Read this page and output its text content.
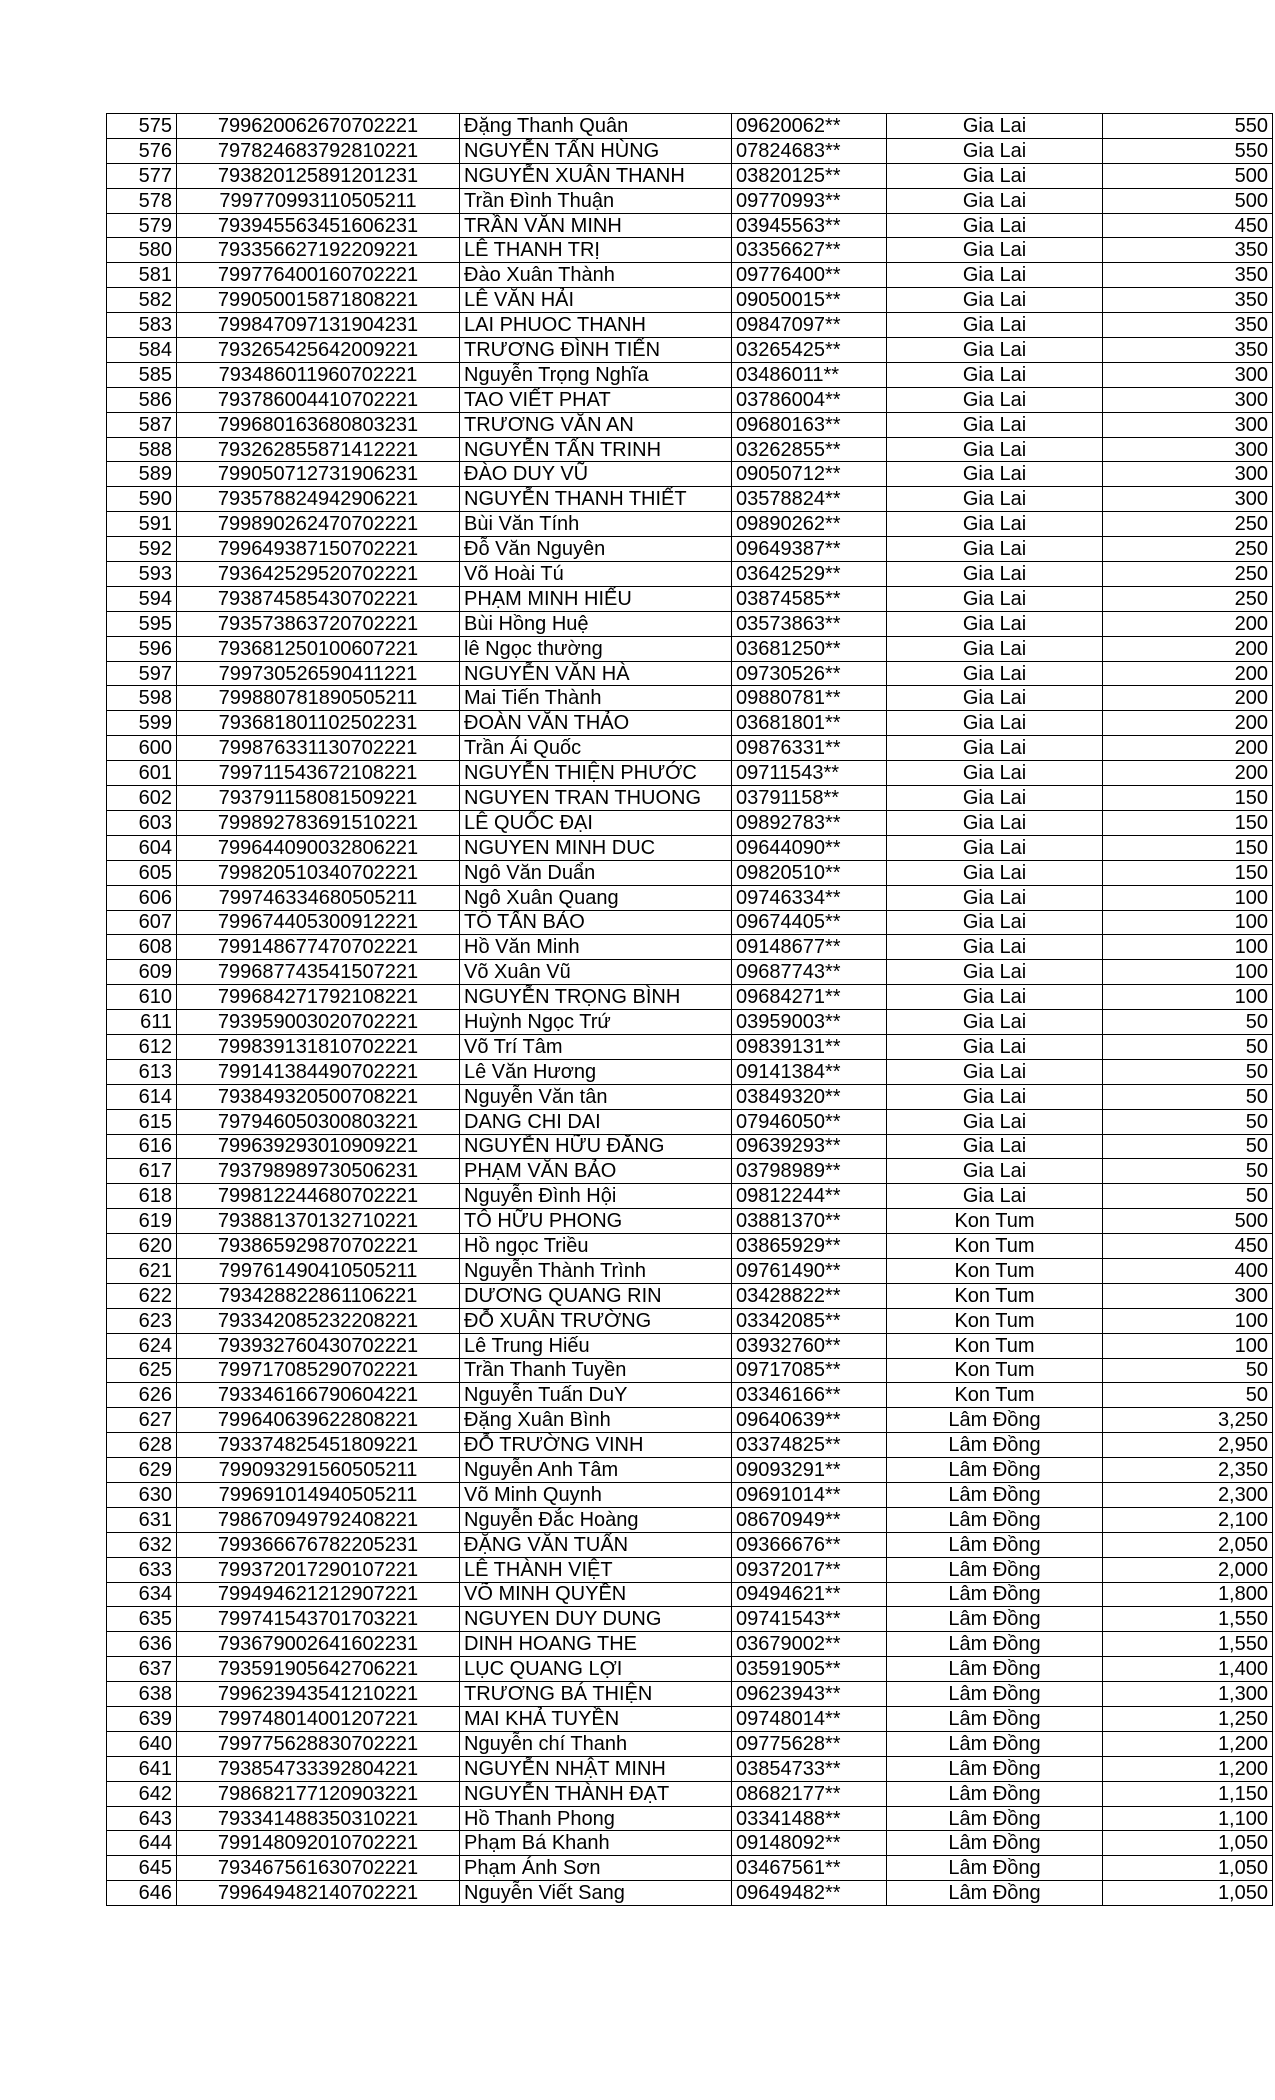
575	799620062670702221	Đặng Thanh Quân	09620062**	Gia Lai	550
576	797824683792810221	NGUYỄN TẤN HÙNG	07824683**	Gia Lai	550
577	793820125891201231	NGUYỄN XUÂN THANH	03820125**	Gia Lai	500
578	799770993110505211	Trần Đình Thuận	09770993**	Gia Lai	500
579	793945563451606231	TRẦN VĂN MINH	03945563**	Gia Lai	450
580	793356627192209221	LÊ THANH TRỊ	03356627**	Gia Lai	350
581	799776400160702221	Đào Xuân Thành	09776400**	Gia Lai	350
582	799050015871808221	LÊ VĂN HẢI	09050015**	Gia Lai	350
583	799847097131904231	LAI PHUOC THANH	09847097**	Gia Lai	350
584	793265425642009221	TRƯƠNG ĐÌNH TIẾN	03265425**	Gia Lai	350
585	793486011960702221	Nguyễn Trọng Nghĩa	03486011**	Gia Lai	300
586	793786004410702221	TAO VIẾT PHAT	03786004**	Gia Lai	300
587	799680163680803231	TRƯƠNG VĂN AN	09680163**	Gia Lai	300
588	793262855871412221	NGUYỄN TẤN TRINH	03262855**	Gia Lai	300
589	799050712731906231	ĐÀO DUY VŨ	09050712**	Gia Lai	300
590	793578824942906221	NGUYỄN THANH THIẾT	03578824**	Gia Lai	300
591	799890262470702221	Bùi Văn Tính	09890262**	Gia Lai	250
592	799649387150702221	Đỗ Văn Nguyên	09649387**	Gia Lai	250
593	793642529520702221	Võ Hoài Tú	03642529**	Gia Lai	250
594	793874585430702221	PHẠM MINH HIẾU	03874585**	Gia Lai	250
595	793573863720702221	Bùi Hồng Huệ	03573863**	Gia Lai	200
596	793681250100607221	lê Ngọc thường	03681250**	Gia Lai	200
597	799730526590411221	NGUYỄN VĂN HÀ	09730526**	Gia Lai	200
598	799880781890505211	Mai Tiến Thành	09880781**	Gia Lai	200
599	793681801102502231	ĐOÀN VĂN THẢO	03681801**	Gia Lai	200
600	799876331130702221	Trần Ái Quốc	09876331**	Gia Lai	200
601	799711543672108221	NGUYỄN THIỆN PHƯỚC	09711543**	Gia Lai	200
602	793791158081509221	NGUYEN TRAN THUONG	03791158**	Gia Lai	150
603	799892783691510221	LÊ QUỐC ĐẠI	09892783**	Gia Lai	150
604	799644090032806221	NGUYEN MINH DUC	09644090**	Gia Lai	150
605	799820510340702221	Ngô Văn Duẩn	09820510**	Gia Lai	150
606	799746334680505211	Ngô Xuân Quang	09746334**	Gia Lai	100
607	799674405300912221	TÔ TẤN BẢO	09674405**	Gia Lai	100
608	799148677470702221	Hồ Văn Minh	09148677**	Gia Lai	100
609	799687743541507221	Võ Xuân Vũ	09687743**	Gia Lai	100
610	799684271792108221	NGUYỄN TRỌNG BÌNH	09684271**	Gia Lai	100
611	793959003020702221	Huỳnh Ngọc Trứ	03959003**	Gia Lai	50
612	799839131810702221	Võ Trí Tâm	09839131**	Gia Lai	50
613	799141384490702221	Lê Văn Hương	09141384**	Gia Lai	50
614	793849320500708221	Nguyễn Văn tân	03849320**	Gia Lai	50
615	797946050300803221	DANG CHI DAI	07946050**	Gia Lai	50
616	799639293010909221	NGUYỄN HỮU ĐĂNG	09639293**	Gia Lai	50
617	793798989730506231	PHẠM VĂN BẢO	03798989**	Gia Lai	50
618	799812244680702221	Nguyễn Đình Hội	09812244**	Gia Lai	50
619	793881370132710221	TÔ HỮU PHONG	03881370**	Kon Tum	500
620	793865929870702221	Hồ ngọc Triều	03865929**	Kon Tum	450
621	799761490410505211	Nguyễn Thành Trình	09761490**	Kon Tum	400
622	793428822861106221	DƯƠNG QUANG RIN	03428822**	Kon Tum	300
623	793342085232208221	ĐỖ XUÂN TRƯỜNG	03342085**	Kon Tum	100
624	793932760430702221	Lê Trung Hiếu	03932760**	Kon Tum	100
625	799717085290702221	Trần Thanh Tuyền	09717085**	Kon Tum	50
626	793346166790604221	Nguyễn Tuấn DuY	03346166**	Kon Tum	50
627	799640639622808221	Đặng Xuân Bình	09640639**	Lâm Đồng	3,250
628	793374825451809221	ĐỖ TRƯỜNG VINH	03374825**	Lâm Đồng	2,950
629	799093291560505211	Nguyễn Anh Tâm	09093291**	Lâm Đồng	2,350
630	799691014940505211	Võ Minh Quynh	09691014**	Lâm Đồng	2,300
631	798670949792408221	Nguyễn Đắc Hoàng	08670949**	Lâm Đồng	2,100
632	799366676782205231	ĐẶNG VĂN TUẤN	09366676**	Lâm Đồng	2,050
633	799372017290107221	LÊ THÀNH VIỆT	09372017**	Lâm Đồng	2,000
634	799494621212907221	VÕ MINH QUYỀN	09494621**	Lâm Đồng	1,800
635	799741543701703221	NGUYEN DUY DUNG	09741543**	Lâm Đồng	1,550
636	793679002641602231	DINH HOANG THE	03679002**	Lâm Đồng	1,550
637	793591905642706221	LỤC QUANG LỢI	03591905**	Lâm Đồng	1,400
638	799623943541210221	TRƯƠNG BÁ THIỆN	09623943**	Lâm Đồng	1,300
639	799748014001207221	MAI KHẢ TUYỀN	09748014**	Lâm Đồng	1,250
640	799775628830702221	Nguyễn chí Thanh	09775628**	Lâm Đồng	1,200
641	793854733392804221	NGUYỄN NHẬT MINH	03854733**	Lâm Đồng	1,200
642	798682177120903221	NGUYỄN THÀNH ĐẠT	08682177**	Lâm Đồng	1,150
643	793341488350310221	Hồ Thanh Phong	03341488**	Lâm Đồng	1,100
644	799148092010702221	Phạm Bá Khanh	09148092**	Lâm Đồng	1,050
645	793467561630702221	Phạm Ánh Sơn	03467561**	Lâm Đồng	1,050
646	799649482140702221	Nguyễn Viết Sang	09649482**	Lâm Đồng	1,050
